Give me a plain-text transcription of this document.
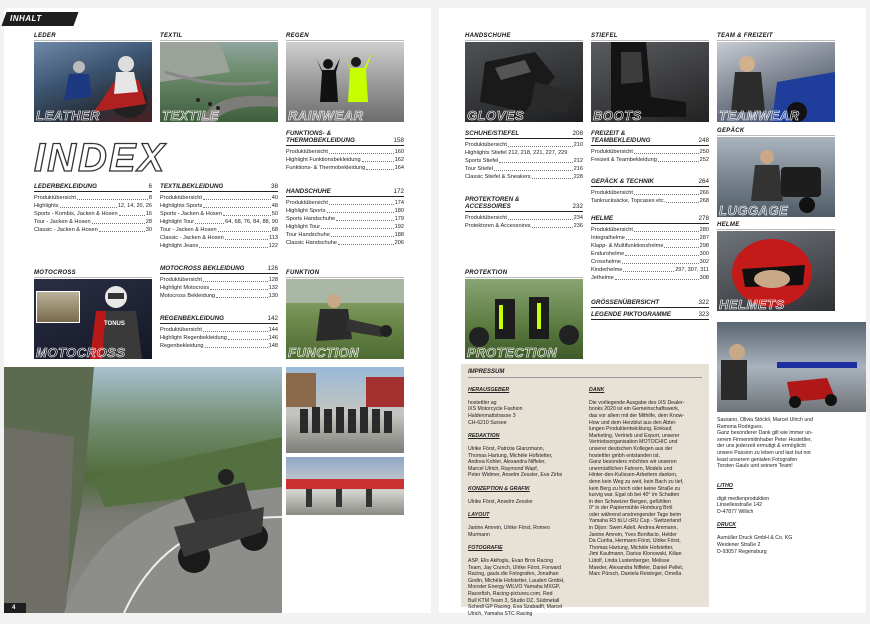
INHALT
LEDER	TEXTIL	REGEN
LEATHER	TEXTILE	RAINWEAR
INDEX
LEDERBEKLEIDUNG	6
Produktübersicht	8
Highlights	12, 14, 20, 26
Sports - Kombis, Jacken & Hosen	16
Tour - Jacken & Hosen	28
Classic - Jacken & Hosen	30
TEXTILBEKLEIDUNG	38
Produktübersicht	40
Highlights Sports	48
Sports - Jacken & Hosen	50
Highlight Tour	64, 68, 76, 84, 88, 90
Tour - Jacken & Hosen	68
Classic - Jacken & Hosen	113
Highlight Jeans	122
FUNKTIONS- &
THERMOBEKLEIDUNG	158
Produktübersicht	160
Highlight Funktionsbekleidung	162
Funktions- & Thermobekleidung	164
HANDSCHUHE	172
Produktübersicht	174
Highlight Sports	180
Sports Handschuhe	179
Highlight Tour	192
Tour Handschuhe	188
Classic Handschuhe	206
MOTOCROSS	FUNKTION
TONUS
MOTOCROSS
MOTOCROSS BEKLEIDUNG	126
Produktübersicht	128
Highlight Motocross	132
Motocross Bekleidung	130
REGENBEKLEIDUNG	142
Produktübersicht	144
Highlight Regenbekleidung	146
Regenbekleidung	148 FUNCTION
4
HANDSCHUHE	STIEFEL	TEAM & FREIZEIT
GLOVES	BOOTS	TEAMWEAR
SCHUHE/STIEFEL	208
Produktübersicht	210
Highlights Stiefel 212, 218, 221, 227, 229
Sports Stiefel	212
Tour Stiefel	216
Classic Stiefel & Sneakers	228
PROTEKTOREN &
ACCESSOIRES	232
Produktübersicht	234
Protektoren & Accessoires	236
FREIZEIT &
TEAMBEKLEIDUNG	248
Produktübersicht	250
Freizeit & Teambekleidung	252
GEPÄCK & TECHNIK	264
Produktübersicht	266
Tankrucksäcke, Topcases etc.	268
HELME	278
Produktübersicht	280
Integralhelme	287
Klapp- & Multifunktionshelme	298
Endurohelme	300
Crosshelme	302
Kinderhelme	297, 307, 311
Jethelme	308
GRÖSSENÜBERSICHT	322
LEGENDE PIKTOGRAMME	323
GEPÄCK
LUGGAGE
HELME
HELMETS
PROTEKTION
PROTECTION
IMPRESSUM

HERAUSGEBER

hostettler ag
iXS Motorcycle Fashion
Haldenmattstrasse 3
CH-6210 Sursee

REDAKTION

Ulrike Först, Patrizia Glanzmann,
Thomas Hartung, Michèle Hofstetter,
Andrea Kohler, Alexandra Niffeler,
Marcel Ulrich, Raymond Wapf,
Peter Widmer, Anselm Zessler, Eva Zirbs

KONZEPTION & GRAFIK

Ulrike Först, Anselm Zessler

LAYOUT

Janine Amrein, Ulrike Först, Romeo
Murmann

FOTOGRAFIE

ASP, Elis Akifoglu, Evan Bros Racing
Team, Jay Crunch, Ulrike Först, Forward
Racing, gauls.die Fotografen, Jonathan
Godin, Michèle Hofstetter, Laudert GmbH,
Monster Energy WILVO Yamaha MXGP,
Racerfish, Racing-pictures.com, Red
Bull KTM Team 3, Studio DZ, Südmetall
Schedl GP Racing, Eva Szabadfi, Marcel
Ulrich, Yamaha STC Racing

DANK

Die vorliegende Ausgabe des iXS Dealer-
books 2020 ist ein Gemeinschaftswerk,
das vor allem mit der Mithilfe, dem Know-
How und dem Herzblut aus den Abtei-
lungen Produktentwicklung, Einkauf,
Marketing, Vertrieb und Export, unserer
Vertriebsorganisation MOTOCHIC und
unserer deutschen Kollegen aus der
hostettler gmbh entstanden ist.
Ganz besonders möchten wir unseren
unermüdlichen Fahrern, Models und
Hinter-den-Kulissen-Arbeitern danken,
denn kein Weg zu weit, kein Bach zu tief,
kein Berg zu hoch oder keine Straße zu
kurvig war. Egal ob bei 40° im Schatten
in den Schweizer Bergen, gefühlten
0° in der Papiermühle Homburg Bröl
oder während anstrengender Tage beim
Yamaha R3 bLU cRU Cup - Switzerland
in Dijon: Swen Adelt, Andrea Ammann,
Janine Amrein, Yves Bonifacio, Helder
Da Cunha, Hermann Först, Ulrike Först,
Thomas Hartung, Michèle Hofstetter,
Jimi Kaufmann, Darius Klonowski, Kilian
Lütolf, Linda Lustenberger, Melisse
Maeder, Alexandra Niffeler, Daniel Pellet,
Marc Pürsch, Daniela Reisinger, Ornella

Sassano, Olivia Stöckli, Marcel Ulrich und
Ramona Rodrigues.
Ganz besonderer Dank gilt wie immer un-
serem Firmenmitinhaber Peter Hostettler,
der uns jederzeit ermutigt & ermöglicht
unsere Passion zu leben und last but not
least unserem genialen Fotografen
Torsten Gauls und seinem Team!

LITHO

digit medienproduktion
Linsellesstraße 142
D-47877 Willich

DRUCK

Aumüller Druck GmbH & Co. KG
Weidener Straße 2
D-93057 Regensburg
